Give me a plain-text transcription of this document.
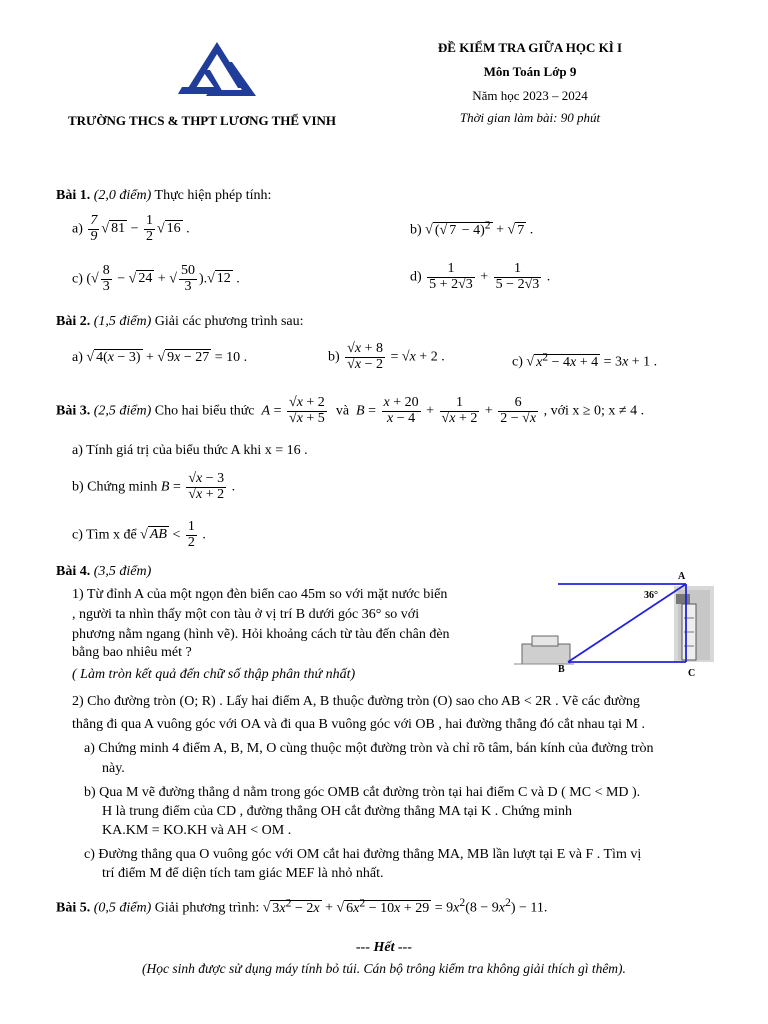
TRƯỜNG THCS & THPT LƯƠNG THẾ VINH
ĐỀ KIỂM TRA GIỮA HỌC KÌ I
Môn Toán Lớp 9
Năm học 2023 – 2024
Thời gian làm bài: 90 phút
Bài 1. (2,0 điểm) Thực hiện phép tính:
$a) \frac{7}{9}$ √ $81 - \frac{1}{2}$ √ 16 .	b) √ (√ 7 − 4)$^2$ + √ 7 .
c) (√ $\frac{8}{3}$ − √ 24 + √ $\frac{50}{3}$ ).√ 12 .	$d) \frac{1}{5 + 2√3} + \frac{1}{5 - 2√3}$ .
Bài 2. (1,5 điểm) Giải các phương trình sau:
a) √ 4(x − 3) + √ 9x − 27 = 10 .	$b) \frac{√x + 8}{√x - 2} = √x + 2$ .	c) √ $x^2 - 4x + 4 = 3x + 1$ .
Bài 3. (2,5 điểm) Cho hai biểu thức $A = \frac{√x + 2}{√x + 5}$ và $B = \frac{x + 20}{x - 4} + \frac{1}{√x + 2} + \frac{6}{2 - √x}$ , với x ≥ 0; x ≠ 4 .
a) Tính giá trị của biểu thức A khi x = 16 .
b) Chứng minh $B = \frac{√x - 3}{√x + 2}$ .
c) Tìm x để √ AB < $\frac{1}{2}$ .
Bài 4. (3,5 điểm)
1) Từ đỉnh A của một ngọn đèn biển cao 45m so với mặt nước biển
, người ta nhìn thấy một con tàu ở vị trí B dưới góc 36° so với
phương nằm ngang (hình vẽ). Hỏi khoảng cách từ tàu đến chân đèn
bằng bao nhiêu mét ?
( Làm tròn kết quả đến chữ số thập phân thứ nhất)
A
B	C
36°
2) Cho đường tròn (O; R) . Lấy hai điểm A, B thuộc đường tròn (O) sao cho AB < 2R . Vẽ các đường
thẳng đi qua A vuông góc với OA và đi qua B vuông góc với OB , hai đường thẳng đó cắt nhau tại M .
a) Chứng minh 4 điểm A, B, M, O cùng thuộc một đường tròn và chỉ rõ tâm, bán kính của đường tròn
này.
b) Qua M vẽ đường thẳng d nằm trong góc OMB cắt đường tròn tại hai điểm C và D ( MC < MD ).
H là trung điểm của CD , đường thẳng OH cắt đường thẳng MA tại K . Chứng minh
KA.KM = KO.KH và AH < OM .
c) Đường thẳng qua O vuông góc với OM cắt hai đường thẳng MA, MB lần lượt tại E và F . Tìm vị
trí điểm M để diện tích tam giác MEF là nhỏ nhất.
Bài 5. (0,5 điểm) Giải phương trình: √ $3x^2 - 2x$ + √ $6x^2 - 10x + 29 = 9x^2(8 - 9x^2) - 11$.
--- Hết ---
(Học sinh được sử dụng máy tính bỏ túi. Cán bộ trông kiểm tra không giải thích gì thêm).
